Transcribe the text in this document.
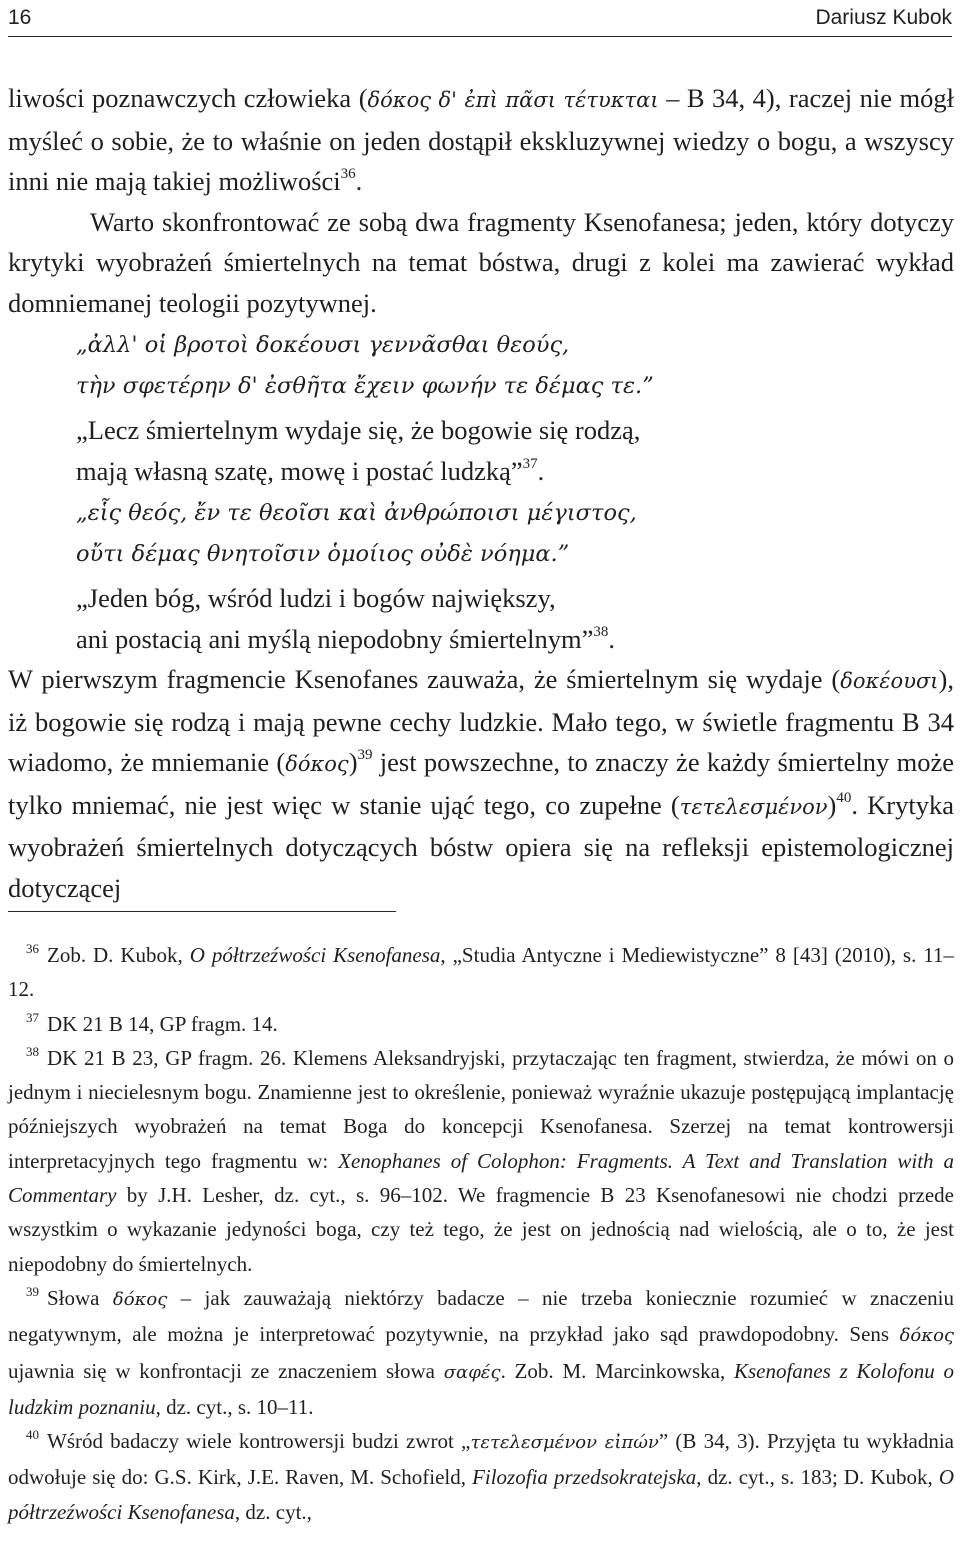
16	Dariusz Kubok

liwości poznawczych człowieka (δόκος δ' ἐπὶ πᾶσι τέτυκται – B 34, 4), raczej nie mógł myśleć o sobie, że to właśnie on jeden dostąpił ekskluzywnej wiedzy o bogu, a wszyscy inni nie mają takiej możliwości$^{36}$.

Warto skonfrontować ze sobą dwa fragmenty Ksenofanesa; jeden, który dotyczy krytyki wyobrażeń śmiertelnych na temat bóstwa, drugi z kolei ma zawierać wykład domniemanej teologii pozytywnej.

„ἀλλ' οἱ βροτοὶ δοκέουσι γεννᾶσθαι θεούς,
τὴν σφετέρην δ' ἐσθῆτα ἔχειν φωνήν τε δέμας τε.”
„Lecz śmiertelnym wydaje się, że bogowie się rodzą,
mają własną szatę, mowę i postać ludzką”$^{37}$.
„εἷς θεός, ἔν τε θεοῖσι καὶ ἀνθρώποισι μέγιστος,
οὔτι δέμας θνητοῖσιν ὁμοίιος οὐδὲ νόημα.”
„Jeden bóg, wśród ludzi i bogów największy,
ani postacią ani myślą niepodobny śmiertelnym”$^{38}$.

W pierwszym fragmencie Ksenofanes zauważa, że śmiertelnym się wydaje (δοκέουσι), iż bogowie się rodzą i mają pewne cechy ludzkie. Mało tego, w świetle fragmentu B 34 wiadomo, że mniemanie $(\delta ό\kappa o\varsigma)^{39}$ jest powszechne, to znaczy że każdy śmiertelny może tylko mniemać, nie jest więc w stanie ująć tego, co zupełne $(\tau\varepsilon\tau\varepsilon\lambda\varepsilon\sigma\mu έ\nu o\nu)^{40}$. Krytyka wyobrażeń śmiertelnych dotyczących bóstw opiera się na refleksji epistemologicznej dotyczącej

$^{36}$ Zob. D. Kubok, O półtrzeźwości Ksenofanesa, „Studia Antyczne i Mediewistyczne” 8 [43] (2010), s. 11–12.

$^{37}$ DK 21 B 14, GP fragm. 14.

$^{38}$ DK 21 B 23, GP fragm. 26. Klemens Aleksandryjski, przytaczając ten fragment, stwierdza, że mówi on o jednym i niecielesnym bogu. Znamienne jest to określenie, ponieważ wyraźnie ukazuje postępującą implantację późniejszych wyobrażeń na temat Boga do koncepcji Ksenofanesa. Szerzej na temat kontrowersji interpretacyjnych tego fragmentu w: Xenophanes of Colophon: Fragments. A Text and Translation with a Commentary by J.H. Lesher, dz. cyt., s. 96–102. We fragmencie B 23 Ksenofanesowi nie chodzi przede wszystkim o wykazanie jedyności boga, czy też tego, że jest on jednością nad wielością, ale o to, że jest niepodobny do śmiertelnych.

$^{39}$ Słowa δόκος – jak zauważają niektórzy badacze – nie trzeba koniecznie rozumieć w znaczeniu negatywnym, ale można je interpretować pozytywnie, na przykład jako sąd prawdopodobny. Sens δόκος ujawnia się w konfrontacji ze znaczeniem słowa σαφές. Zob. M. Marcinkowska, Ksenofanes z Kolofonu o ludzkim poznaniu, dz. cyt., s. 10–11.

$^{40}$ Wśród badaczy wiele kontrowersji budzi zwrot „τετελεσμένον εἰπών” (B 34, 3). Przyjęta tu wykładnia odwołuje się do: G.S. Kirk, J.E. Raven, M. Schofield, Filozofia przedsokratejska, dz. cyt., s. 183; D. Kubok, O półtrzeźwości Ksenofanesa, dz. cyt.,
